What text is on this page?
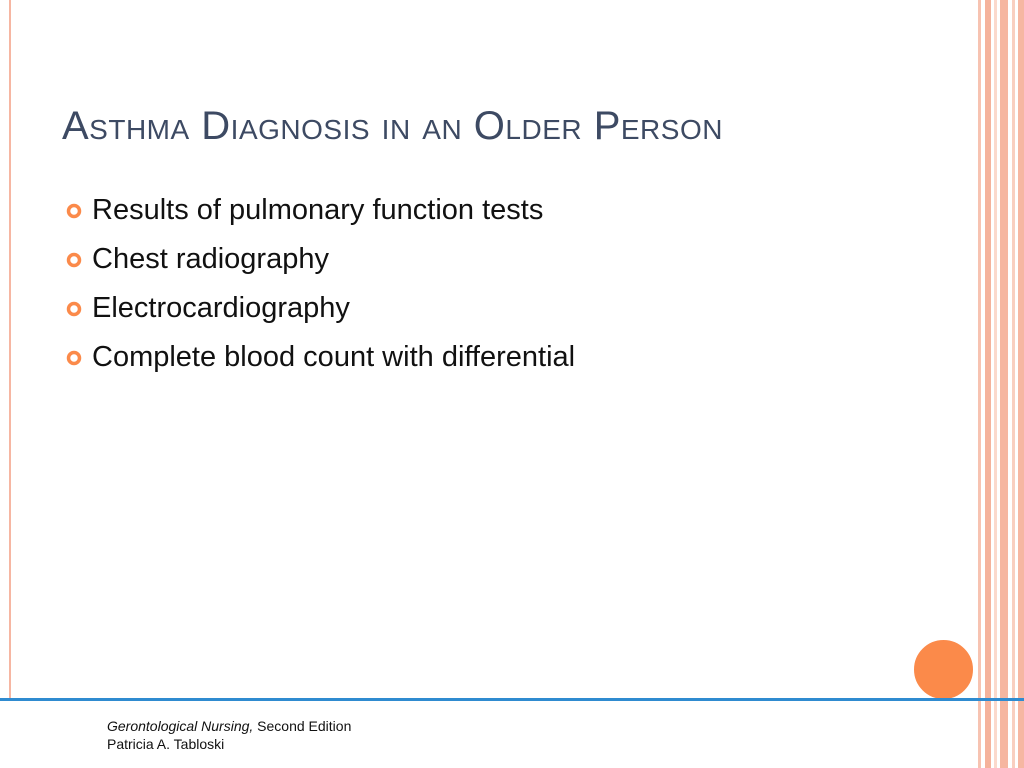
Asthma Diagnosis in an Older Person
Results of pulmonary function tests
Chest radiography
Electrocardiography
Complete blood count with differential
Gerontological Nursing, Second Edition
Patricia A. Tabloski
